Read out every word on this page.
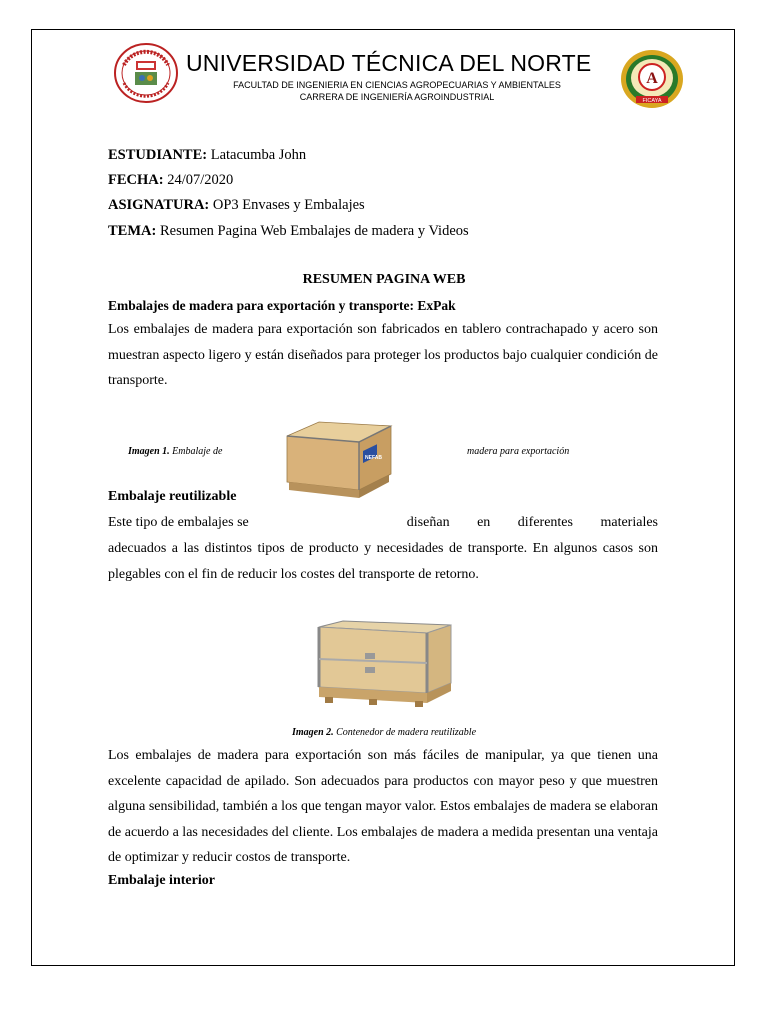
A
FICAYA
UNIVERSIDAD TÉCNICA DEL NORTE
FACULTAD DE INGENIERIA EN CIENCIAS AGROPECUARIAS Y AMBIENTALES
CARRERA DE INGENIERÍA AGROINDUSTRIAL
ESTUDIANTE: Latacumba John
FECHA: 24/07/2020
ASIGNATURA: OP3 Envases y Embalajes
TEMA: Resumen Pagina Web Embalajes de madera y Videos
RESUMEN PAGINA WEB
Embalajes de madera para exportación y transporte: ExPak
Los embalajes de madera para exportación son fabricados en tablero contrachapado y acero son muestran aspecto ligero y están diseñados para proteger los productos bajo cualquier condición de transporte.
Imagen 1. Embalaje de	madera para exportación
NEFAB
Embalaje reutilizable
Este tipo de embalajes se	diseñan en diferentes materiales
adecuados a las distintos tipos de producto y necesidades de transporte. En algunos casos son plegables con el fin de reducir los costes del transporte de retorno.
Imagen 2. Contenedor de madera reutilizable
Los embalajes de madera para exportación son más fáciles de manipular, ya que tienen una excelente capacidad de apilado. Son adecuados para productos con mayor peso y que muestren alguna sensibilidad, también a los que tengan mayor valor. Estos embalajes de madera se elaboran de acuerdo a las necesidades del cliente. Los embalajes de madera a medida presentan una ventaja de optimizar y reducir costos de transporte.
Embalaje interior
